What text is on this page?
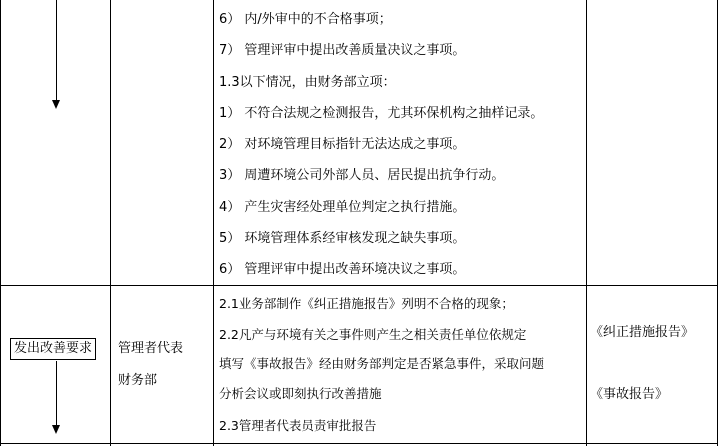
6） 内/外审中的不合格事项；
7） 管理评审中提出改善质量决议之事项。
1.3以下情况，由财务部立项：
1） 不符合法规之检测报告，尤其环保机构之抽样记录。
2） 对环境管理目标指针无法达成之事项。
3） 周遭环境公司外部人员、居民提出抗争行动。
4） 产生灾害经处理单位判定之执行措施。
5） 环境管理体系经审核发现之缺失事项。
6） 管理评审中提出改善环境决议之事项。
发出改善要求	管理者代表
财务部
2.1业务部制作《纠正措施报告》列明不合格的现象；
2.2凡产与环境有关之事件则产生之相关责任单位依规定
填写《事故报告》经由财务部判定是否紧急事件，采取问题
分析会议或即刻执行改善措施
2.3管理者代表员责审批报告
《纠正措施报告》
《事故报告》
